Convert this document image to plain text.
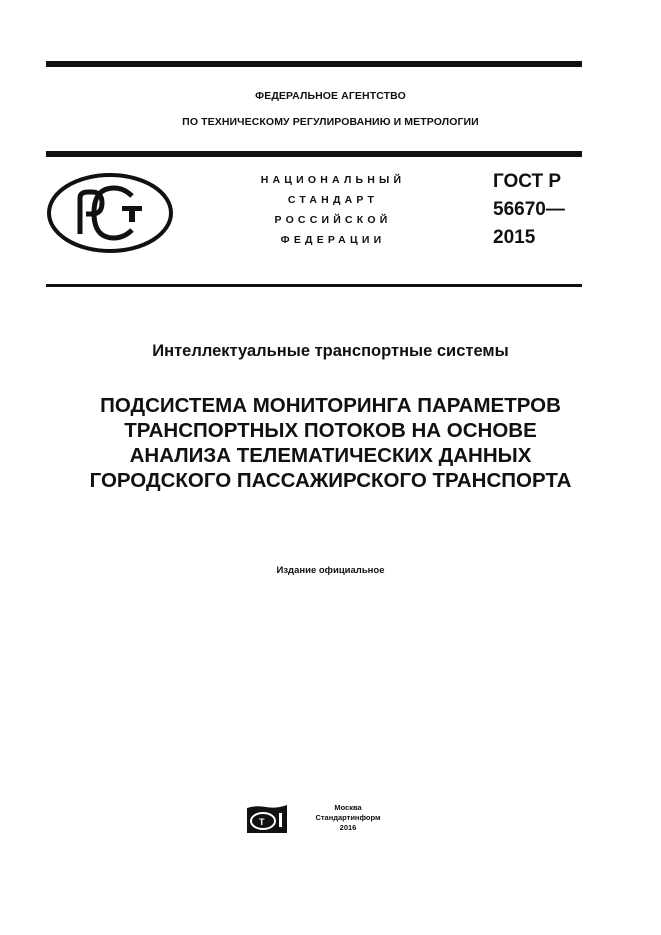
ФЕДЕРАЛЬНОЕ АГЕНТСТВО
ПО ТЕХНИЧЕСКОМУ РЕГУЛИРОВАНИЮ И МЕТРОЛОГИИ
НАЦИОНАЛЬНЫЙ
СТАНДАРТ
РОССИЙСКОЙ
ФЕДЕРАЦИИ
ГОСТ Р
56670—
2015
Интеллектуальные транспортные системы
ПОДСИСТЕМА МОНИТОРИНГА ПАРАМЕТРОВ
ТРАНСПОРТНЫХ ПОТОКОВ НА ОСНОВЕ
АНАЛИЗА ТЕЛЕМАТИЧЕСКИХ ДАННЫХ
ГОРОДСКОГО ПАССАЖИРСКОГО ТРАНСПОРТА
Издание официальное
Т
Москва
Стандартинформ
2016
